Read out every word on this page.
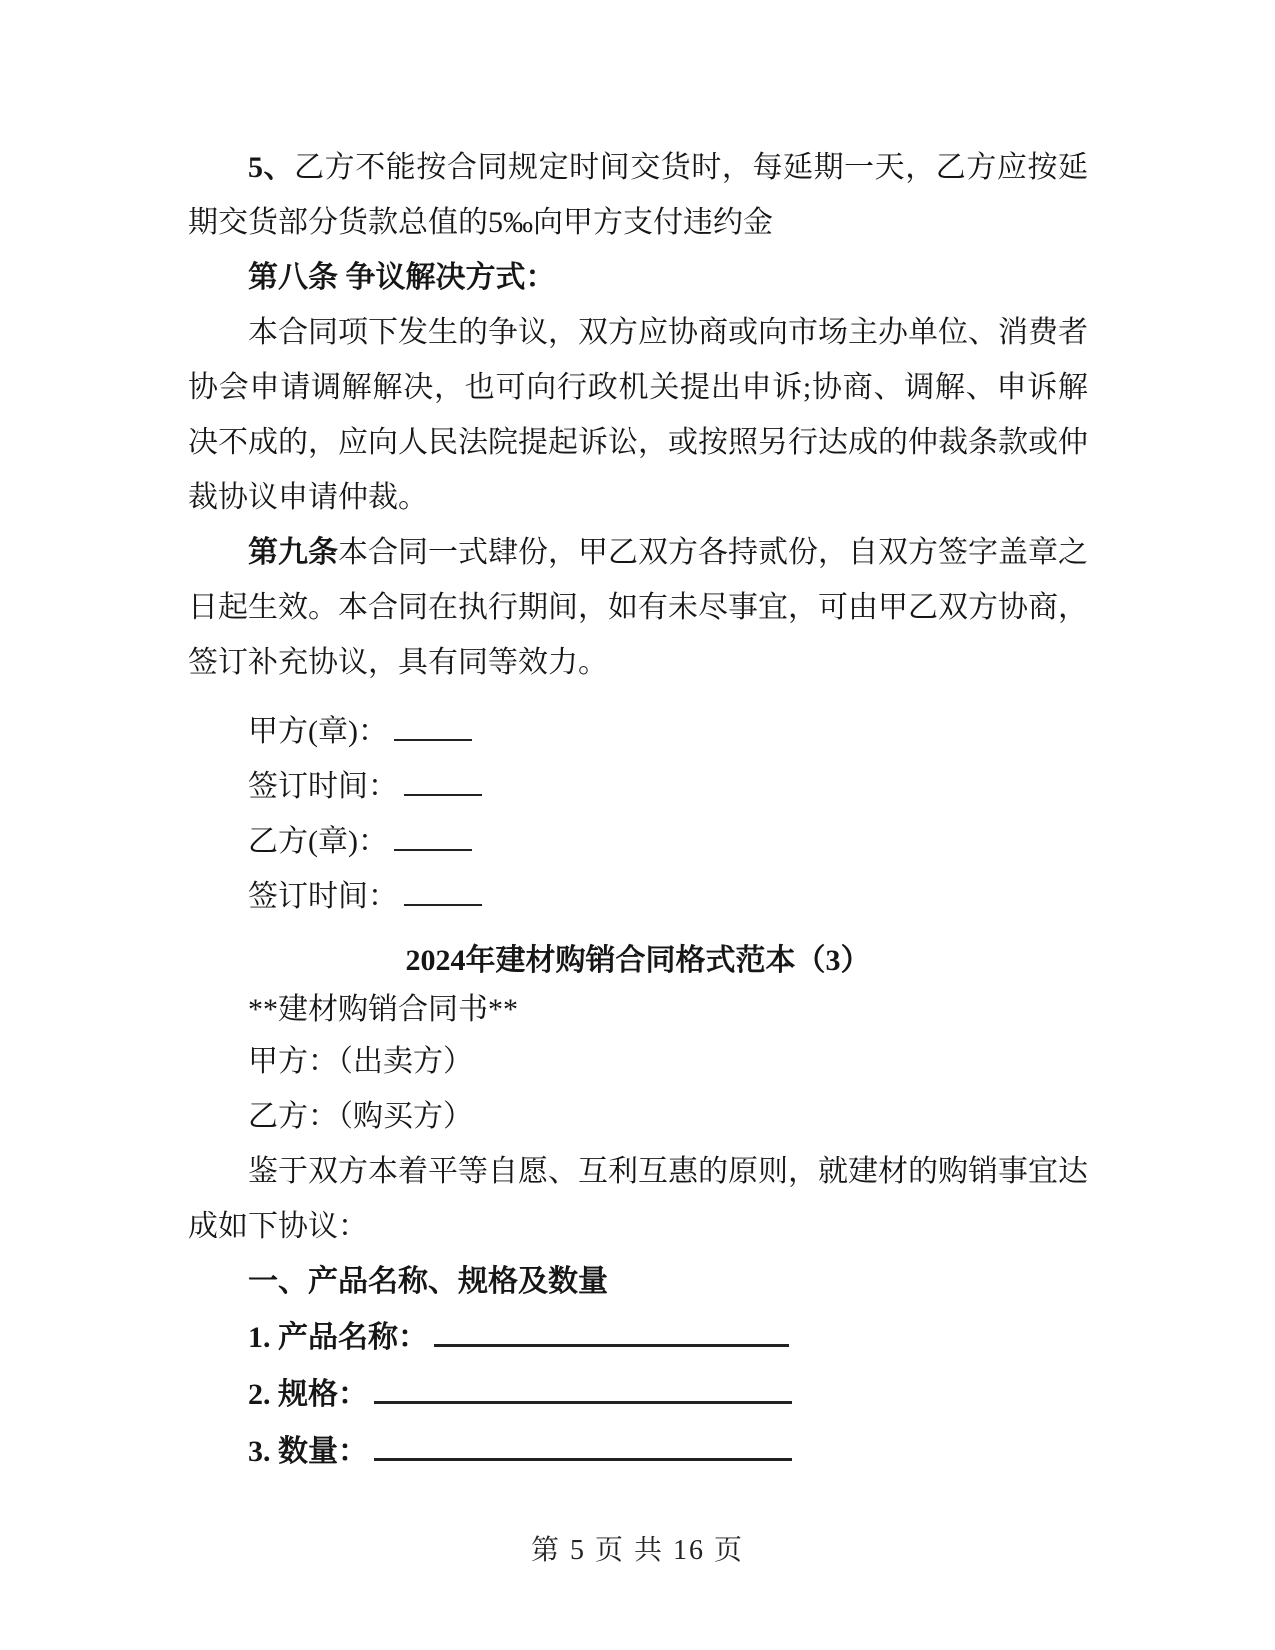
5、乙方不能按合同规定时间交货时，每延期一天，乙方应按延期交货部分货款总值的5‰向甲方支付违约金

第八条 争议解决方式：

本合同项下发生的争议，双方应协商或向市场主办单位、消费者协会申请调解解决，也可向行政机关提出申诉;协商、调解、申诉解决不成的，应向人民法院提起诉讼，或按照另行达成的仲裁条款或仲裁协议申请仲裁。

第九条本合同一式肆份，甲乙双方各持贰份，自双方签字盖章之日起生效。本合同在执行期间，如有未尽事宜，可由甲乙双方协商，签订补充协议，具有同等效力。

甲方(章)：

签订时间：

乙方(章)：

签订时间：

2024年建材购销合同格式范本（3）

**建材购销合同书**

甲方：（出卖方）

乙方：（购买方）

鉴于双方本着平等自愿、互利互惠的原则，就建材的购销事宜达成如下协议：

一、产品名称、规格及数量

1. 产品名称：

2. 规格：

3. 数量：

第 5 页 共 16 页
